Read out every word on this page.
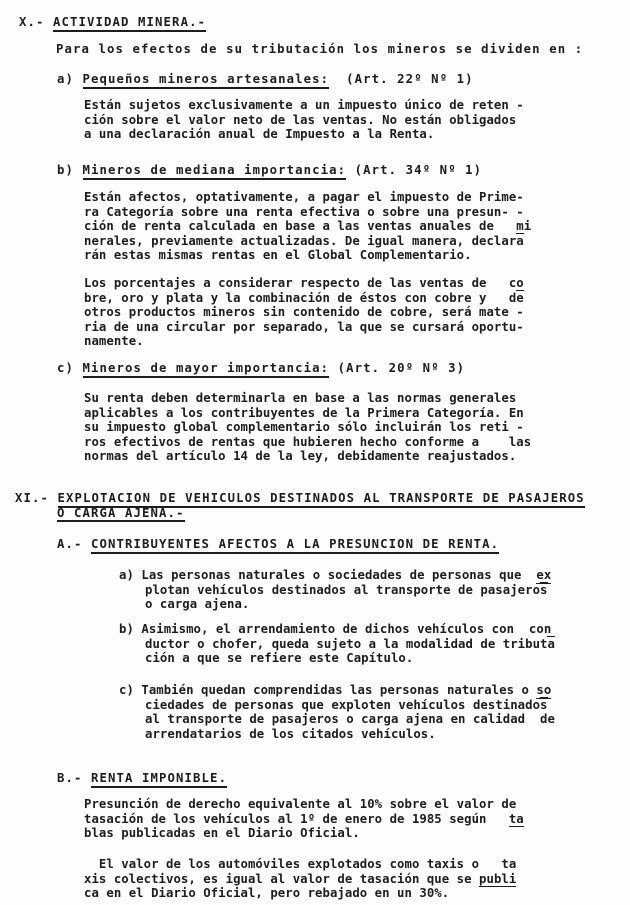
X.- ACTIVIDAD MINERA.-
Para los efectos de su tributación los mineros se dividen en :
a) Pequeños mineros artesanales:  (Art. 22º Nº 1)
Están sujetos exclusivamente a un impuesto único de reten -
ción sobre el valor neto de las ventas. No están obligados
a una declaración anual de Impuesto a la Renta.
b) Mineros de mediana importancia: (Art. 34º Nº 1)
Están afectos, optativamente, a pagar el impuesto de Prime-
ra Categoría sobre una renta efectiva o sobre una presun- -
ción de renta calculada en base a las ventas anuales de   mi
nerales, previamente actualizadas. De igual manera, declara
rán estas mismas rentas en el Global Complementario.
Los porcentajes a considerar respecto de las ventas de   co
bre, oro y plata y la combinación de éstos con cobre y   de
otros productos mineros sin contenido de cobre, será mate -
ria de una circular por separado, la que se cursará oportu-
namente.
c) Mineros de mayor importancia: (Art. 20º Nº 3)
Su renta deben determinarla en base a las normas generales
aplicables a los contribuyentes de la Primera Categoría. En
su impuesto global complementario sólo incluirán los reti -
ros efectivos de rentas que hubieren hecho conforme a    las
normas del artículo 14 de la ley, debidamente reajustados.
XI.- EXPLOTACION DE VEHICULOS DESTINADOS AL TRANSPORTE DE PASAJEROS
O CARGA AJENA.-
A.- CONTRIBUYENTES AFECTOS A LA PRESUNCION DE RENTA.
a) Las personas naturales o sociedades de personas que  ex
plotan vehículos destinados al transporte de pasajeros
o carga ajena.
b) Asimismo, el arrendamiento de dichos vehículos con  con
ductor o chofer, queda sujeto a la modalidad de tributa
ción a que se refiere este Capítulo.
c) También quedan comprendidas las personas naturales o so
ciedades de personas que exploten vehículos destinados
al transporte de pasajeros o carga ajena en calidad  de
arrendatarios de los citados vehículos.
B.- RENTA IMPONIBLE.
Presunción de derecho equivalente al 10% sobre el valor de
tasación de los vehículos al 1º de enero de 1985 según   ta
blas publicadas en el Diario Oficial.
El valor de los automóviles explotados como taxis o   ta
xis colectivos, es igual al valor de tasación que se publi
ca en el Diario Oficial, pero rebajado en un 30%.
